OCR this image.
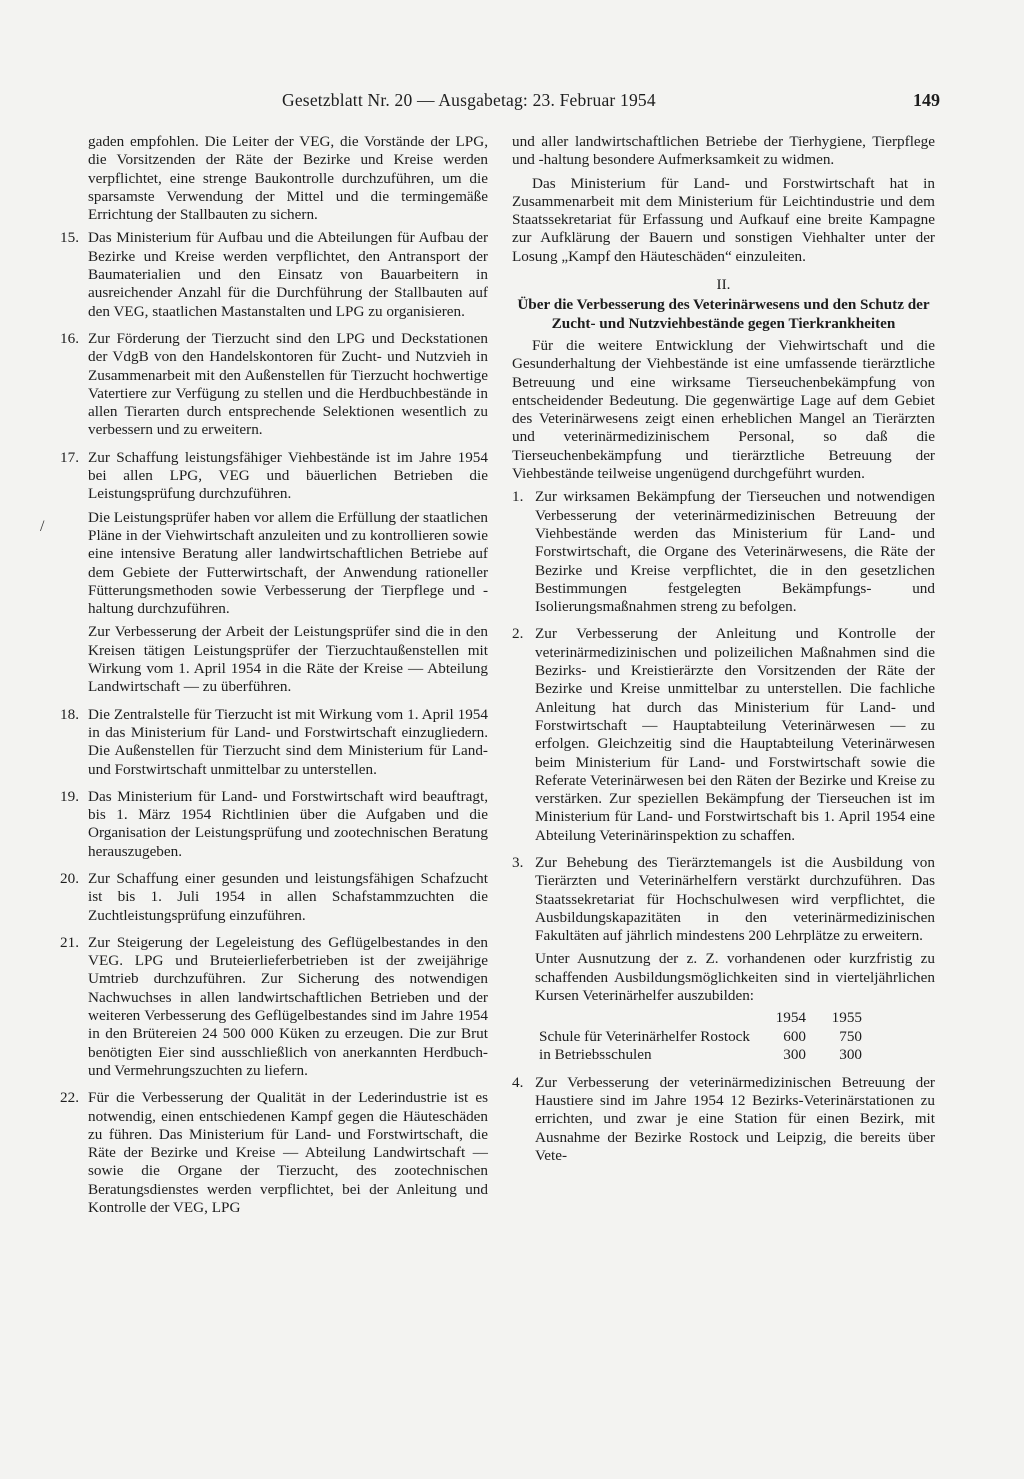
Gesetzblatt Nr. 20 — Ausgabetag: 23. Februar 1954	149

gaden empfohlen. Die Leiter der VEG, die Vorstände der LPG, die Vorsitzenden der Räte der Bezirke und Kreise werden verpflichtet, eine strenge Baukontrolle durchzuführen, um die sparsamste Verwendung der Mittel und die termingemäße Errichtung der Stallbauten zu sichern.

15. Das Ministerium für Aufbau und die Abteilungen für Aufbau der Bezirke und Kreise werden verpflichtet, den Antransport der Baumaterialien und den Einsatz von Bauarbeitern in ausreichender Anzahl für die Durchführung der Stallbauten auf den VEG, staatlichen Mastanstalten und LPG zu organisieren.
16. Zur Förderung der Tierzucht sind den LPG und Deckstationen der VdgB von den Handelskontoren für Zucht- und Nutzvieh in Zusammenarbeit mit den Außenstellen für Tierzucht hochwertige Vatertiere zur Verfügung zu stellen und die Herdbuchbestände in allen Tierarten durch entsprechende Selektionen wesentlich zu verbessern und zu erweitern.
17. Zur Schaffung leistungsfähiger Viehbestände ist im Jahre 1954 bei allen LPG, VEG und bäuerlichen Betrieben die Leistungsprüfung durchzuführen.
Die Leistungsprüfer haben vor allem die Erfüllung der staatlichen Pläne in der Viehwirtschaft anzuleiten und zu kontrollieren sowie eine intensive Beratung aller landwirtschaftlichen Betriebe auf dem Gebiete der Futterwirtschaft, der Anwendung rationeller Fütterungsmethoden sowie Verbesserung der Tierpflege und -haltung durchzuführen.
Zur Verbesserung der Arbeit der Leistungsprüfer sind die in den Kreisen tätigen Leistungsprüfer der Tierzuchtaußenstellen mit Wirkung vom 1. April 1954 in die Räte der Kreise — Abteilung Landwirtschaft — zu überführen.
18. Die Zentralstelle für Tierzucht ist mit Wirkung vom 1. April 1954 in das Ministerium für Land- und Forstwirtschaft einzugliedern. Die Außenstellen für Tierzucht sind dem Ministerium für Land- und Forstwirtschaft unmittelbar zu unterstellen.
19. Das Ministerium für Land- und Forstwirtschaft wird beauftragt, bis 1. März 1954 Richtlinien über die Aufgaben und die Organisation der Leistungsprüfung und zootechnischen Beratung herauszugeben.
20. Zur Schaffung einer gesunden und leistungsfähigen Schafzucht ist bis 1. Juli 1954 in allen Schafstammzuchten die Zuchtleistungsprüfung einzuführen.
21. Zur Steigerung der Legeleistung des Geflügelbestandes in den VEG. LPG und Bruteierlieferbetrieben ist der zweijährige Umtrieb durchzuführen. Zur Sicherung des notwendigen Nachwuchses in allen landwirtschaftlichen Betrieben und der weiteren Verbesserung des Geflügelbestandes sind im Jahre 1954 in den Brütereien 24 500 000 Küken zu erzeugen. Die zur Brut benötigten Eier sind ausschließlich von anerkannten Herdbuch- und Vermehrungszuchten zu liefern.
22. Für die Verbesserung der Qualität in der Lederindustrie ist es notwendig, einen entschiedenen Kampf gegen die Häuteschäden zu führen. Das Ministerium für Land- und Forstwirtschaft, die Räte der Bezirke und Kreise — Abteilung Landwirtschaft — sowie die Organe der Tierzucht, des zootechnischen Beratungsdienstes werden verpflichtet, bei der Anleitung und Kontrolle der VEG, LPG

und aller landwirtschaftlichen Betriebe der Tierhygiene, Tierpflege und -haltung besondere Aufmerksamkeit zu widmen.

Das Ministerium für Land- und Forstwirtschaft hat in Zusammenarbeit mit dem Ministerium für Leichtindustrie und dem Staatssekretariat für Erfassung und Aufkauf eine breite Kampagne zur Aufklärung der Bauern und sonstigen Viehhalter unter der Losung „Kampf den Häuteschäden“ einzuleiten.

II.
Über die Verbesserung des Veterinärwesens und den Schutz der Zucht- und Nutzviehbestände gegen Tierkrankheiten

Für die weitere Entwicklung der Viehwirtschaft und die Gesunderhaltung der Viehbestände ist eine umfassende tierärztliche Betreuung und eine wirksame Tierseuchenbekämpfung von entscheidender Bedeutung. Die gegenwärtige Lage auf dem Gebiet des Veterinärwesens zeigt einen erheblichen Mangel an Tierärzten und veterinärmedizinischem Personal, so daß die Tierseuchenbekämpfung und tierärztliche Betreuung der Viehbestände teilweise ungenügend durchgeführt wurden.

1. Zur wirksamen Bekämpfung der Tierseuchen und notwendigen Verbesserung der veterinärmedizinischen Betreuung der Viehbestände werden das Ministerium für Land- und Forstwirtschaft, die Organe des Veterinärwesens, die Räte der Bezirke und Kreise verpflichtet, die in den gesetzlichen Bestimmungen festgelegten Bekämpfungs- und Isolierungsmaßnahmen streng zu befolgen.
2. Zur Verbesserung der Anleitung und Kontrolle der veterinärmedizinischen und polizeilichen Maßnahmen sind die Bezirks- und Kreistierärzte den Vorsitzenden der Räte der Bezirke und Kreise unmittelbar zu unterstellen. Die fachliche Anleitung hat durch das Ministerium für Land- und Forstwirtschaft — Hauptabteilung Veterinärwesen — zu erfolgen. Gleichzeitig sind die Hauptabteilung Veterinärwesen beim Ministerium für Land- und Forstwirtschaft sowie die Referate Veterinärwesen bei den Räten der Bezirke und Kreise zu verstärken. Zur speziellen Bekämpfung der Tierseuchen ist im Ministerium für Land- und Forstwirtschaft bis 1. April 1954 eine Abteilung Veterinärinspektion zu schaffen.
3. Zur Behebung des Tierärztemangels ist die Ausbildung von Tierärzten und Veterinärhelfern verstärkt durchzuführen. Das Staatssekretariat für Hochschulwesen wird verpflichtet, die Ausbildungskapazitäten in den veterinärmedizinischen Fakultäten auf jährlich mindestens 200 Lehrplätze zu erweitern.
Unter Ausnutzung der z. Z. vorhandenen oder kurzfristig zu schaffenden Ausbildungsmöglichkeiten sind in vierteljährlichen Kursen Veterinärhelfer auszubilden:
	1954	1955
Schule für Veterinärhelfer Rostock	600	750
in Betriebsschulen	300	300
4. Zur Verbesserung der veterinärmedizinischen Betreuung der Haustiere sind im Jahre 1954 12 Bezirks-Veterinärstationen zu errichten, und zwar je eine Station für einen Bezirk, mit Ausnahme der Bezirke Rostock und Leipzig, die bereits über Vete-
/
